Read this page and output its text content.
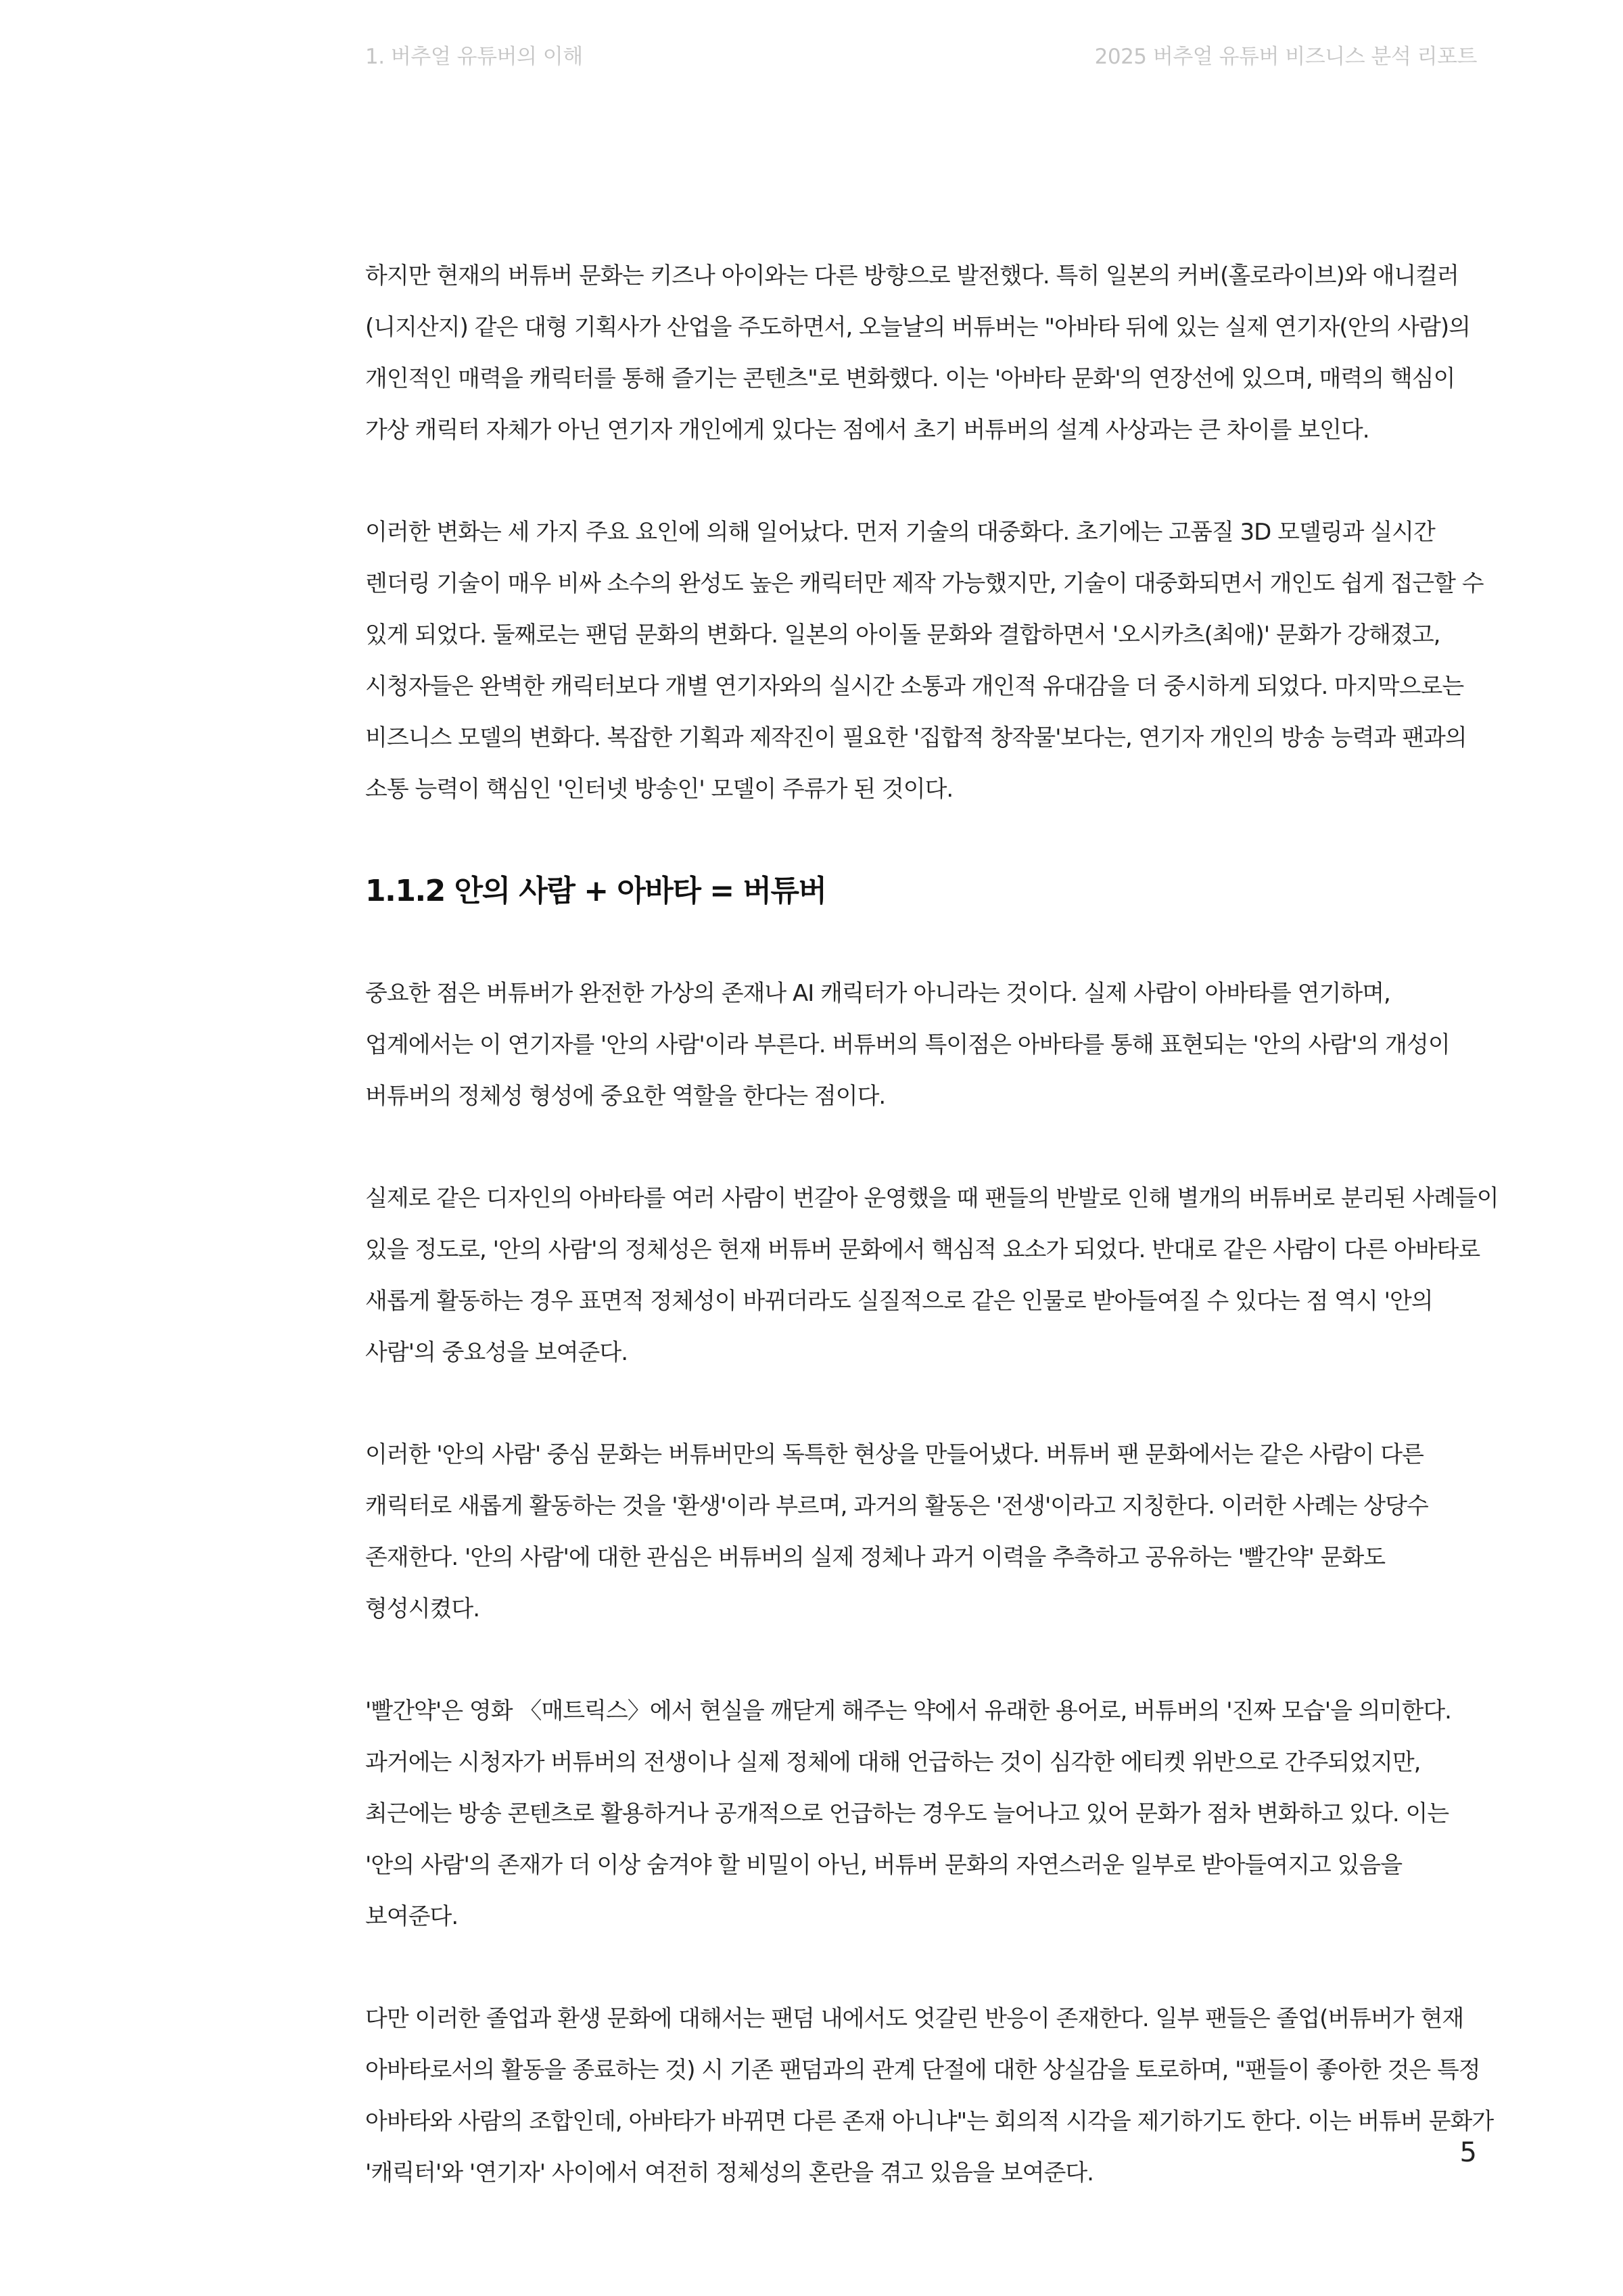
1. 버추얼 유튜버의 이해	2025 버추얼 유튜버 비즈니스 분석 리포트

하지만 현재의 버튜버 문화는 키즈나 아이와는 다른 방향으로 발전했다. 특히 일본의 커버(홀로라이브)와 애니컬러(니지산지) 같은 대형 기획사가 산업을 주도하면서, 오늘날의 버튜버는 "아바타 뒤에 있는 실제 연기자(안의 사람)의 개인적인 매력을 캐릭터를 통해 즐기는 콘텐츠"로 변화했다. 이는 '아바타 문화'의 연장선에 있으며, 매력의 핵심이 가상 캐릭터 자체가 아닌 연기자 개인에게 있다는 점에서 초기 버튜버의 설계 사상과는 큰 차이를 보인다.

이러한 변화는 세 가지 주요 요인에 의해 일어났다. 먼저 기술의 대중화다. 초기에는 고품질 3D 모델링과 실시간 렌더링 기술이 매우 비싸 소수의 완성도 높은 캐릭터만 제작 가능했지만, 기술이 대중화되면서 개인도 쉽게 접근할 수 있게 되었다. 둘째로는 팬덤 문화의 변화다. 일본의 아이돌 문화와 결합하면서 '오시카츠(최애)' 문화가 강해졌고, 시청자들은 완벽한 캐릭터보다 개별 연기자와의 실시간 소통과 개인적 유대감을 더 중시하게 되었다. 마지막으로는 비즈니스 모델의 변화다. 복잡한 기획과 제작진이 필요한 '집합적 창작물'보다는, 연기자 개인의 방송 능력과 팬과의 소통 능력이 핵심인 '인터넷 방송인' 모델이 주류가 된 것이다.

1.1.2 안의 사람 + 아바타 = 버튜버

중요한 점은 버튜버가 완전한 가상의 존재나 AI 캐릭터가 아니라는 것이다. 실제 사람이 아바타를 연기하며, 업계에서는 이 연기자를 '안의 사람'이라 부른다. 버튜버의 특이점은 아바타를 통해 표현되는 '안의 사람'의 개성이 버튜버의 정체성 형성에 중요한 역할을 한다는 점이다.

실제로 같은 디자인의 아바타를 여러 사람이 번갈아 운영했을 때 팬들의 반발로 인해 별개의 버튜버로 분리된 사례들이 있을 정도로, '안의 사람'의 정체성은 현재 버튜버 문화에서 핵심적 요소가 되었다. 반대로 같은 사람이 다른 아바타로 새롭게 활동하는 경우 표면적 정체성이 바뀌더라도 실질적으로 같은 인물로 받아들여질 수 있다는 점 역시 '안의 사람'의 중요성을 보여준다.

이러한 '안의 사람' 중심 문화는 버튜버만의 독특한 현상을 만들어냈다. 버튜버 팬 문화에서는 같은 사람이 다른 캐릭터로 새롭게 활동하는 것을 '환생'이라 부르며, 과거의 활동은 '전생'이라고 지칭한다. 이러한 사례는 상당수 존재한다. '안의 사람'에 대한 관심은 버튜버의 실제 정체나 과거 이력을 추측하고 공유하는 '빨간약' 문화도 형성시켰다.

'빨간약'은 영화 〈매트릭스〉에서 현실을 깨닫게 해주는 약에서 유래한 용어로, 버튜버의 '진짜 모습'을 의미한다. 과거에는 시청자가 버튜버의 전생이나 실제 정체에 대해 언급하는 것이 심각한 에티켓 위반으로 간주되었지만, 최근에는 방송 콘텐츠로 활용하거나 공개적으로 언급하는 경우도 늘어나고 있어 문화가 점차 변화하고 있다. 이는 '안의 사람'의 존재가 더 이상 숨겨야 할 비밀이 아닌, 버튜버 문화의 자연스러운 일부로 받아들여지고 있음을 보여준다.

다만 이러한 졸업과 환생 문화에 대해서는 팬덤 내에서도 엇갈린 반응이 존재한다. 일부 팬들은 졸업(버튜버가 현재 아바타로서의 활동을 종료하는 것) 시 기존 팬덤과의 관계 단절에 대한 상실감을 토로하며, "팬들이 좋아한 것은 특정 아바타와 사람의 조합인데, 아바타가 바뀌면 다른 존재 아니냐"는 회의적 시각을 제기하기도 한다. 이는 버튜버 문화가 '캐릭터'와 '연기자' 사이에서 여전히 정체성의 혼란을 겪고 있음을 보여준다.

5
